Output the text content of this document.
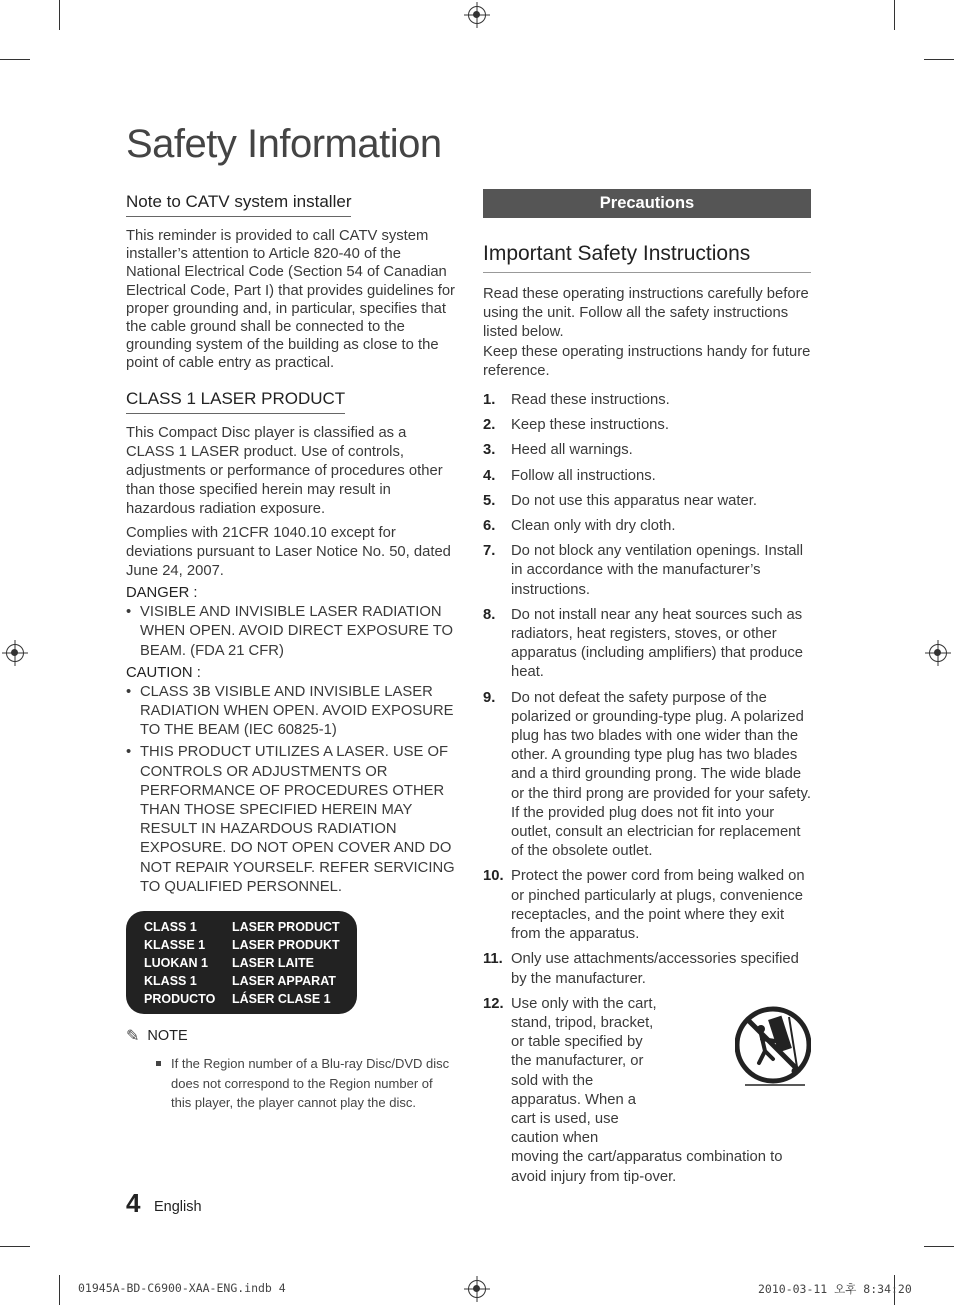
Safety Information
Note to CATV system installer

This reminder is provided to call CATV system installer’s attention to Article 820-40 of the National Electrical Code (Section 54 of Canadian Electrical Code, Part I) that provides guidelines for proper grounding and, in particular, specifies that the cable ground shall be connected to the grounding system of the building as close to the point of cable entry as practical.

CLASS 1 LASER PRODUCT

This Compact Disc player is classified as a CLASS 1 LASER product. Use of controls, adjustments or performance of procedures other than those specified herein may result in hazardous radiation exposure.

Complies with 21CFR 1040.10 except for deviations pursuant to Laser Notice No. 50, dated June 24, 2007.

DANGER :
• VISIBLE AND INVISIBLE LASER RADIATION WHEN OPEN. AVOID DIRECT EXPOSURE TO BEAM. (FDA 21 CFR)
CAUTION :
• CLASS 3B VISIBLE AND INVISIBLE LASER RADIATION WHEN OPEN. AVOID EXPOSURE TO THE BEAM (IEC 60825-1)
• THIS PRODUCT UTILIZES A LASER. USE OF CONTROLS OR ADJUSTMENTS OR PERFORMANCE OF PROCEDURES OTHER THAN THOSE SPECIFIED HEREIN MAY RESULT IN HAZARDOUS RADIATION EXPOSURE. DO NOT OPEN COVER AND DO NOT REPAIR YOURSELF. REFER SERVICING TO QUALIFIED PERSONNEL.
CLASS 1	LASER PRODUCT
KLASSE 1	LASER PRODUKT
LUOKAN 1	LASER LAITE
KLASS 1	LASER APPARAT
PRODUCTO	LÁSER CLASE 1
✎ NOTE
If the Region number of a Blu-ray Disc/DVD disc does not correspond to the Region number of this player, the player cannot play the disc.
Precautions
Important Safety Instructions

Read these operating instructions carefully before using the unit. Follow all the safety instructions listed below.

Keep these operating instructions handy for future reference.

1.	Read these instructions.
2.	Keep these instructions.
3.	Heed all warnings.
4.	Follow all instructions.
5.	Do not use this apparatus near water.
6.	Clean only with dry cloth.
7.	Do not block any ventilation openings. Install in accordance with the manufacturer’s instructions.
8.	Do not install near any heat sources such as radiators, heat registers, stoves, or other apparatus (including amplifiers) that produce heat.
9.	Do not defeat the safety purpose of the polarized or grounding-type plug. A polarized plug has two blades with one wider than the other. A grounding type plug has two blades and a third grounding prong. The wide blade or the third prong are provided for your safety. If the provided plug does not fit into your outlet, consult an electrician for replacement of the obsolete outlet.
10. Protect the power cord from being walked on or pinched particularly at plugs, convenience receptacles, and the point where they exit from the apparatus.
11. Only use attachments/accessories specified by the manufacturer.
12. Use only with the cart, stand, tripod, bracket, or table specified by the manufacturer, or sold with the apparatus. When a cart is used, use caution when
moving the cart/apparatus combination to avoid injury from tip-over.
4 English
01945A-BD-C6900-XAA-ENG.indb 4	2010-03-11 오후 8:34:20
